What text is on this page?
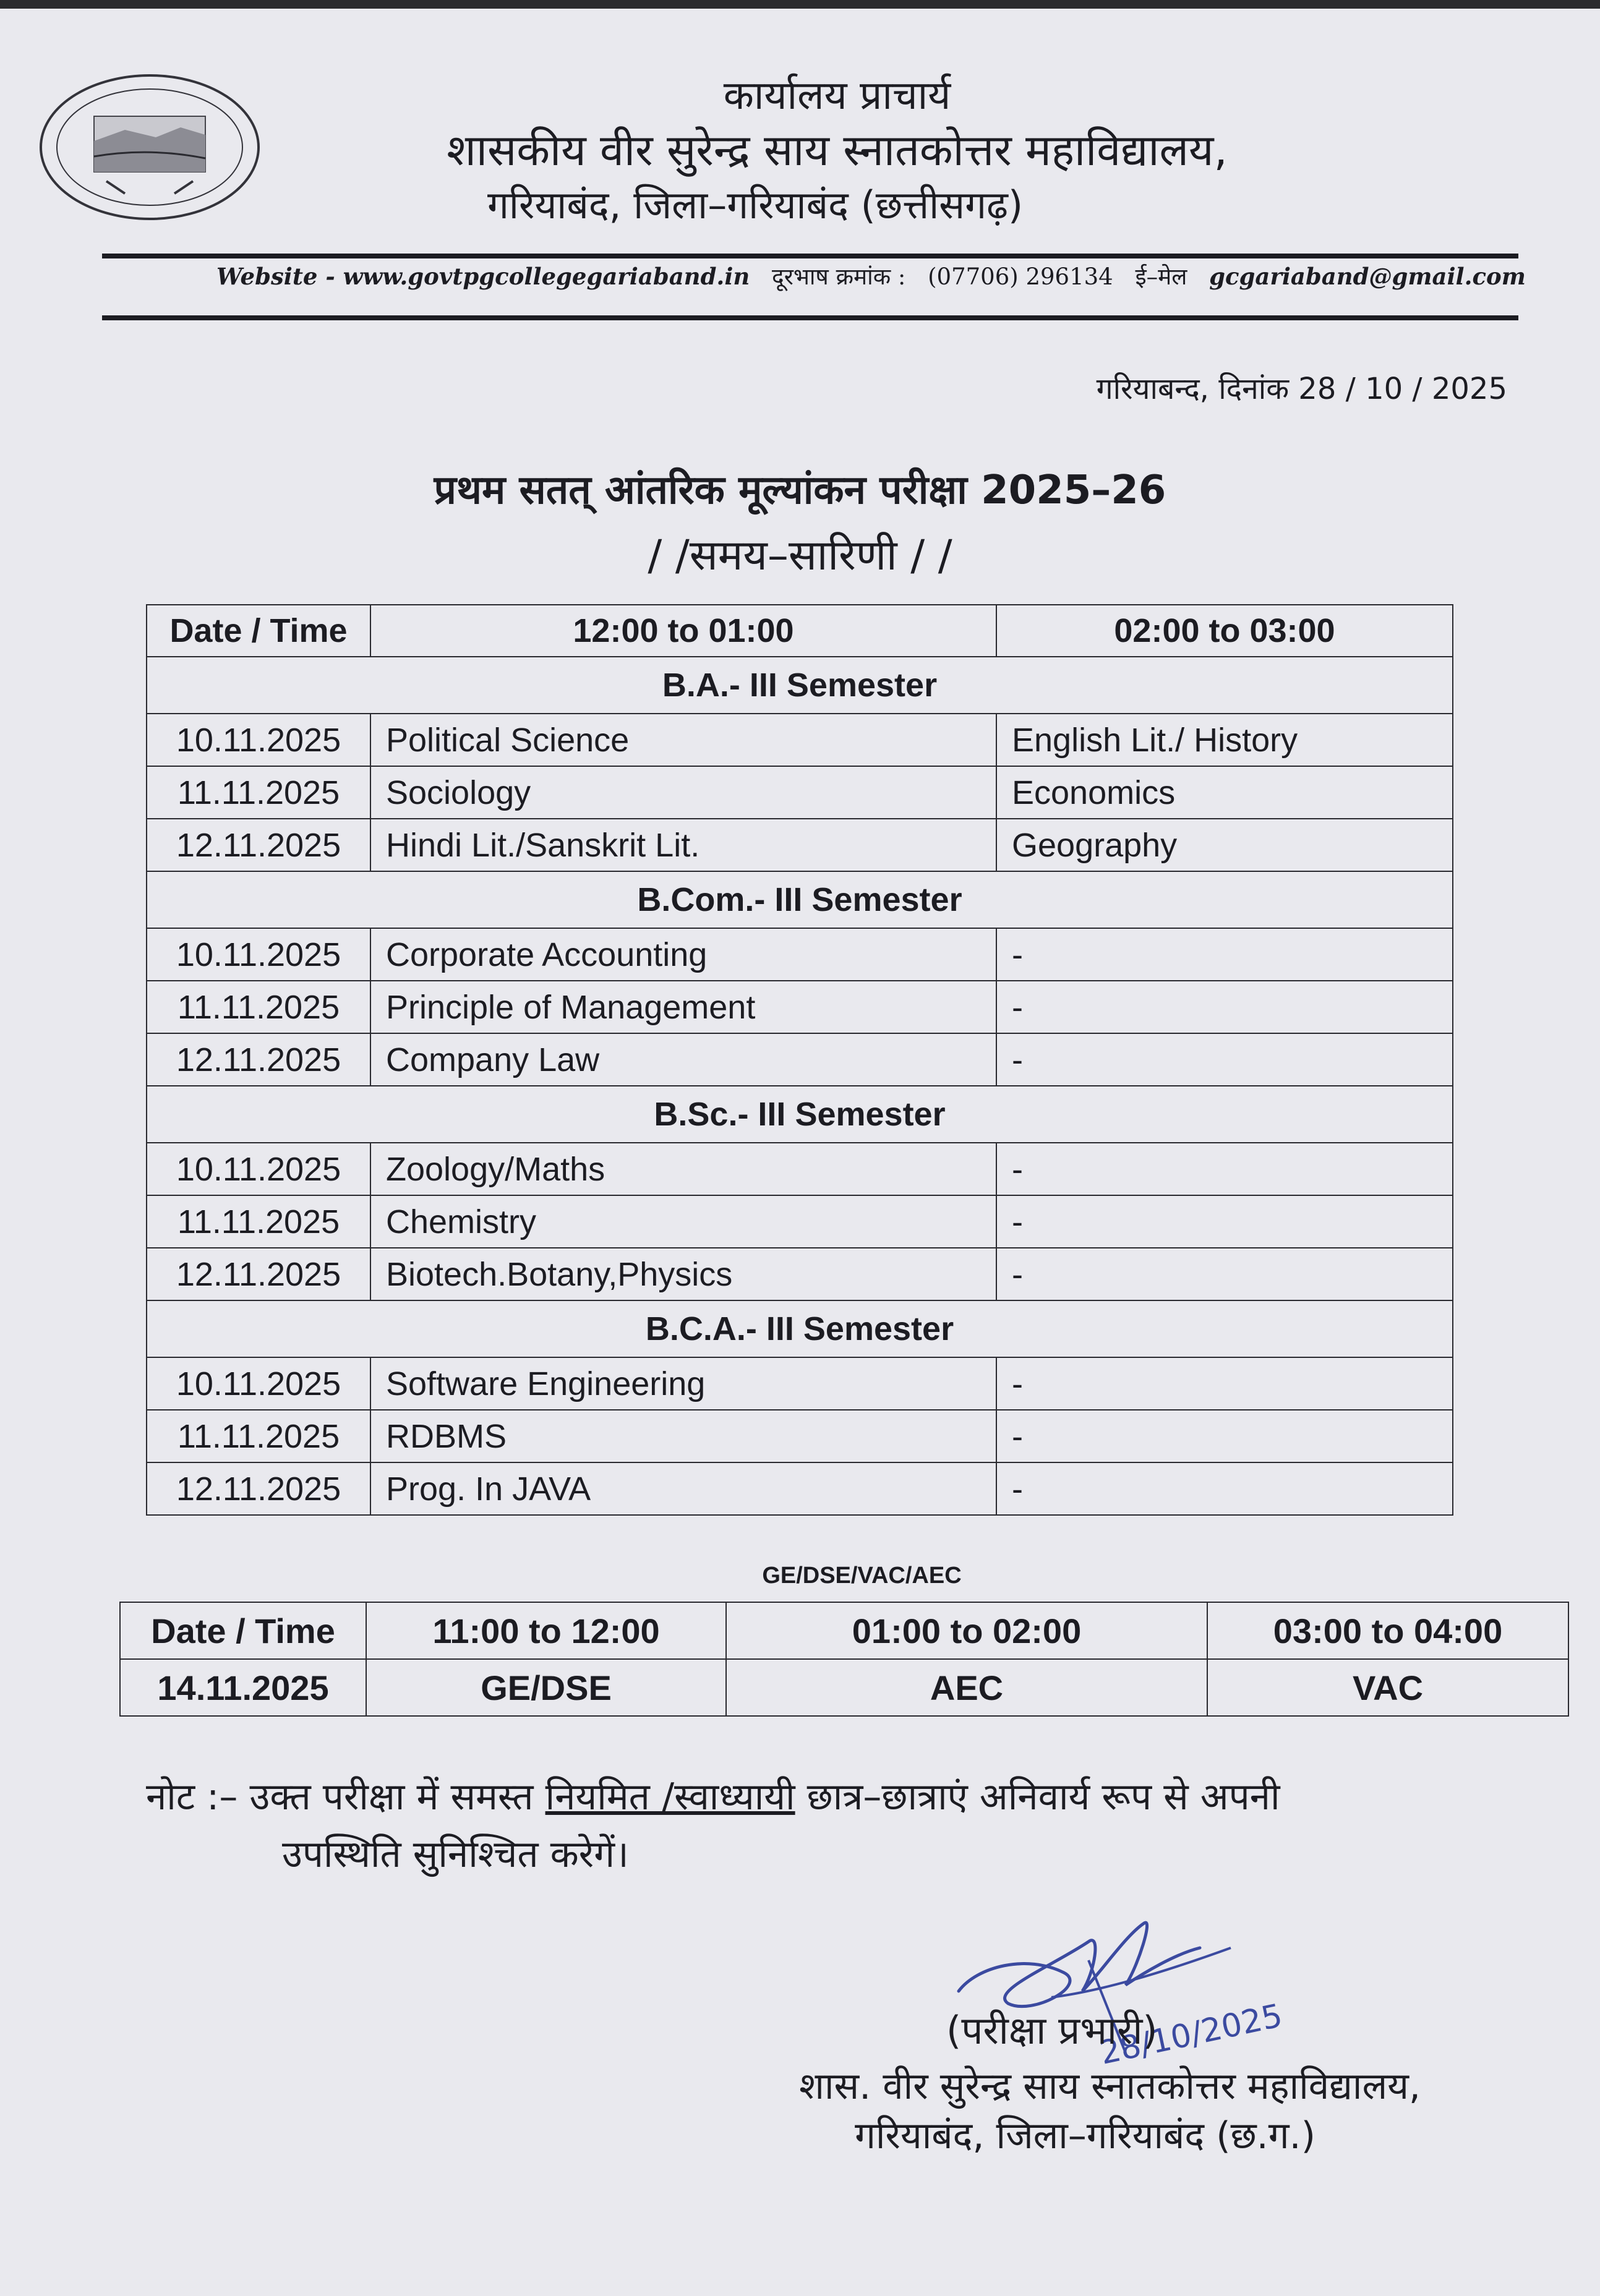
कार्यालय प्राचार्य
शासकीय वीर सुरेन्द्र साय स्नातकोत्तर महाविद्यालय,
गरियाबंद, जिला–गरियाबंद (छत्तीसगढ़)
Website - www.govtpgcollegegariaband.in दूरभाष क्रमांक : (07706) 296134 ई–मेल gcgariaband@gmail.com
गरियाबन्द, दिनांक 28 / 10 / 2025
प्रथम सतत् आंतरिक मूल्यांकन परीक्षा 2025–26
/ /समय–सारिणी / /
Date / Time	12:00 to 01:00	02:00 to 03:00
B.A.- III Semester		
10.11.2025	Political Science	English Lit./ History
11.11.2025	Sociology	Economics
12.11.2025	Hindi Lit./Sanskrit Lit.	Geography
B.Com.- III Semester		
10.11.2025	Corporate Accounting	-
11.11.2025	Principle of Management	-
12.11.2025	Company Law	-
B.Sc.- III Semester		
10.11.2025	Zoology/Maths	-
11.11.2025	Chemistry	-
12.11.2025	Biotech.Botany,Physics	-
B.C.A.- III Semester		
10.11.2025	Software Engineering	-
11.11.2025	RDBMS	-
12.11.2025	Prog. In JAVA	-
GE/DSE/VAC/AEC
Date / Time	11:00 to 12:00	01:00 to 02:00	03:00 to 04:00
14.11.2025	GE/DSE	AEC	VAC
नोट :– उक्त परीक्षा में समस्त नियमित /स्वाध्यायी छात्र–छात्राएं अनिवार्य रूप से अपनी
उपस्थिति सुनिश्चित करेगें।
28/10/2025
(परीक्षा प्रभारी)
शास. वीर सुरेन्द्र साय स्नातकोत्तर महाविद्यालय,
गरियाबंद, जिला–गरियाबंद (छ.ग.)
